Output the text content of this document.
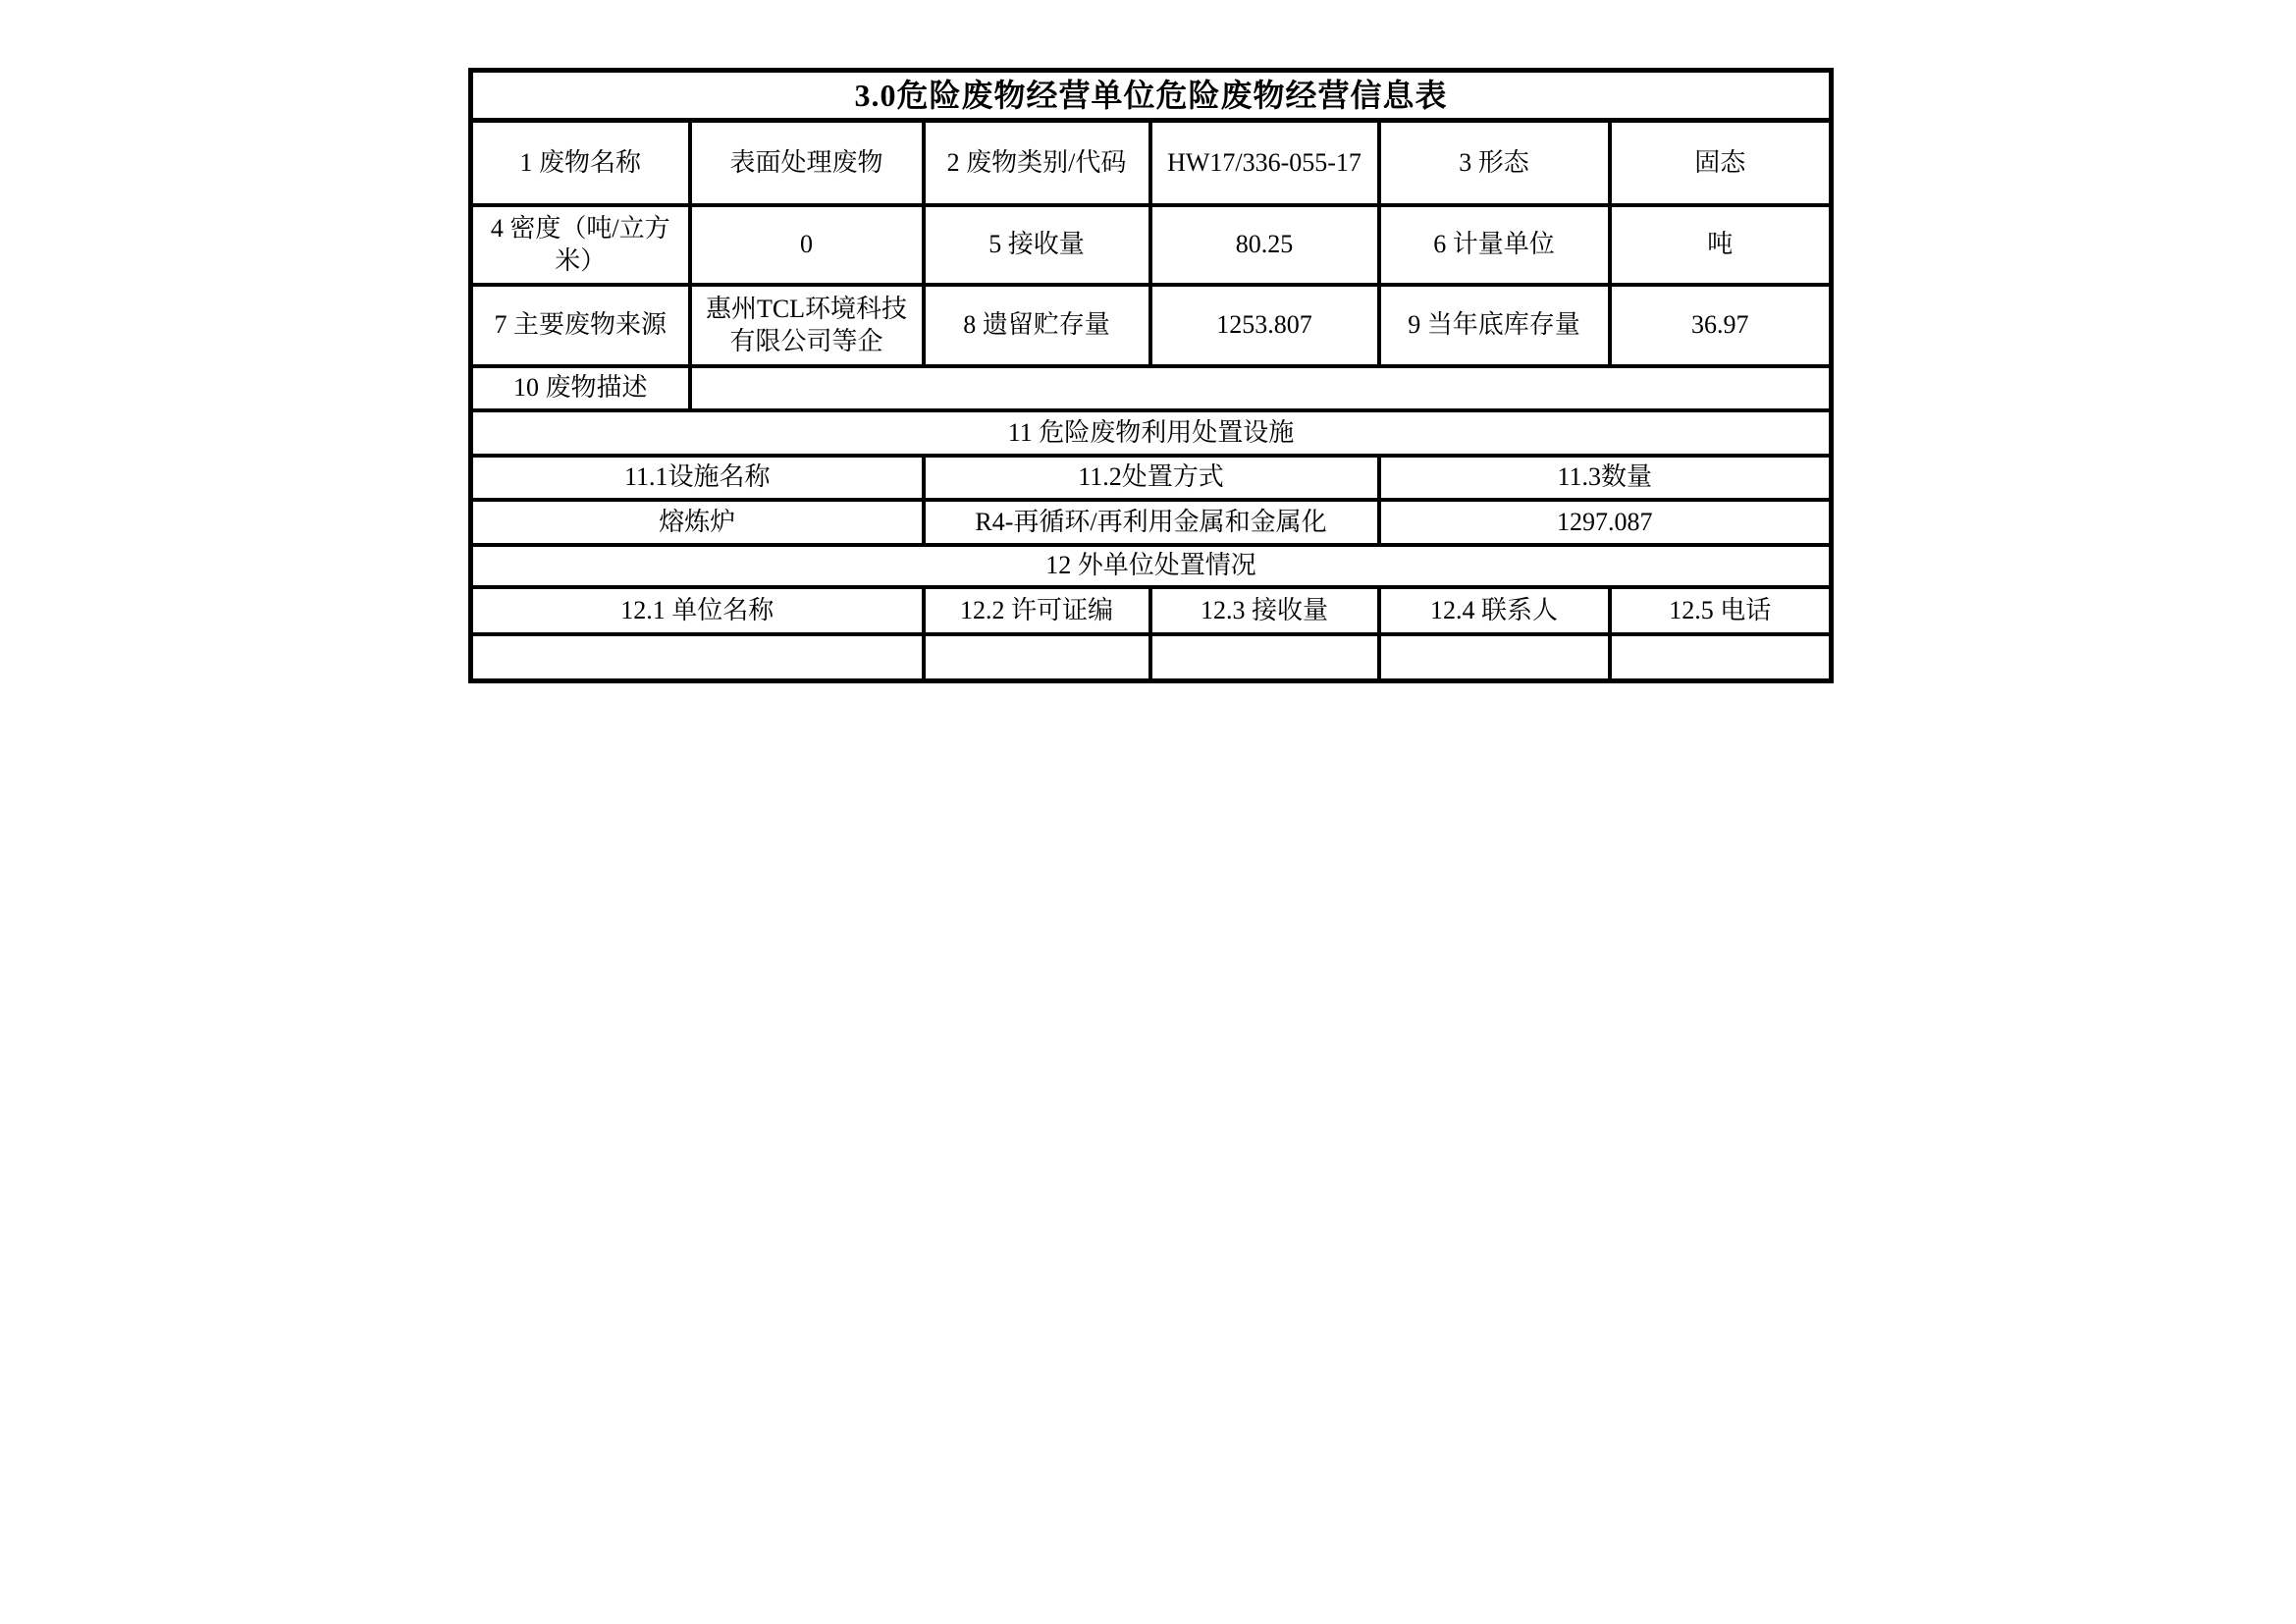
3.0危险废物经营单位危险废物经营信息表					
1 废物名称	表面处理废物	2 废物类别/代码	HW17/336-055-17	3 形态	固态
4 密度（吨/立方米）	0	5 接收量	80.25	6 计量单位	吨
7 主要废物来源	惠州TCL环境科技有限公司等企	8 遗留贮存量	1253.807	9 当年底库存量	36.97
10 废物描述					
11 危险废物利用处置设施					
11.1设施名称		11.2处置方式		11.3数量	
熔炼炉		R4-再循环/再利用金属和金属化		1297.087	
12 外单位处置情况					
12.1 单位名称		12.2 许可证编	12.3 接收量	12.4 联系人	12.5 电话
